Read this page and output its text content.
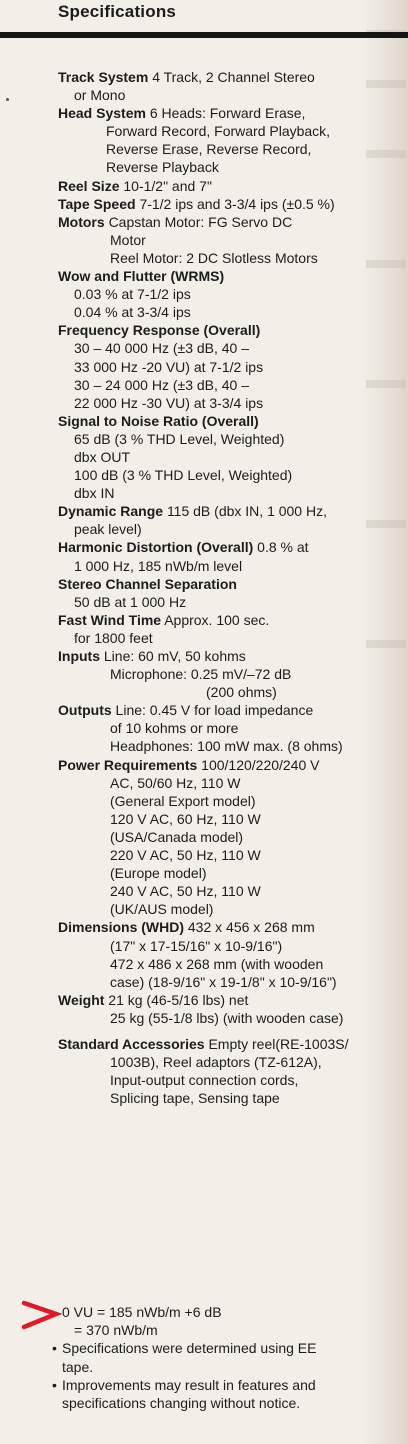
Specifications

Track System 4 Track, 2 Channel Stereo
or Mono

Head System 6 Heads: Forward Erase,
Forward Record, Forward Playback,
Reverse Erase, Reverse Record,
Reverse Playback

Reel Size 10-1/2" and 7"

Tape Speed 7-1/2 ips and 3-3/4 ips (±0.5 %)

Motors Capstan Motor: FG Servo DC
Motor
Reel Motor: 2 DC Slotless Motors

Wow and Flutter (WRMS)
0.03 % at 7-1/2 ips
0.04 % at 3-3/4 ips

Frequency Response (Overall)
30 – 40 000 Hz (±3 dB, 40 –
33 000 Hz -20 VU) at 7-1/2 ips
30 – 24 000 Hz (±3 dB, 40 –
22 000 Hz -30 VU) at 3-3/4 ips

Signal to Noise Ratio (Overall)
65 dB (3 % THD Level, Weighted)
dbx OUT
100 dB (3 % THD Level, Weighted)
dbx IN

Dynamic Range 115 dB (dbx IN, 1 000 Hz,
peak level)

Harmonic Distortion (Overall) 0.8 % at
1 000 Hz, 185 nWb/m level

Stereo Channel Separation
50 dB at 1 000 Hz

Fast Wind Time Approx. 100 sec.
for 1800 feet

Inputs Line: 60 mV, 50 kohms
Microphone: 0.25 mV/–72 dB
(200 ohms)

Outputs Line: 0.45 V for load impedance
of 10 kohms or more
Headphones: 100 mW max. (8 ohms)

Power Requirements 100/120/220/240 V
AC, 50/60 Hz, 110 W
(General Export model)
120 V AC, 60 Hz, 110 W
(USA/Canada model)
220 V AC, 50 Hz, 110 W
(Europe model)
240 V AC, 50 Hz, 110 W
(UK/AUS model)

Dimensions (WHD) 432 x 456 x 268 mm
(17" x 17-15/16" x 10-9/16")
472 x 486 x 268 mm (with wooden
case) (18-9/16" x 19-1/8" x 10-9/16")

Weight 21 kg (46-5/16 lbs) net
25 kg (55-1/8 lbs) (with wooden case)

Standard Accessories Empty reel(RE-1003S/
1003B), Reel adaptors (TZ-612A),
Input-output connection cords,
Splicing tape, Sensing tape

0 VU = 185 nWb/m +6 dB

= 370 nWb/m

• Specifications were determined using EE
tape.

• Improvements may result in features and
specifications changing without notice.
